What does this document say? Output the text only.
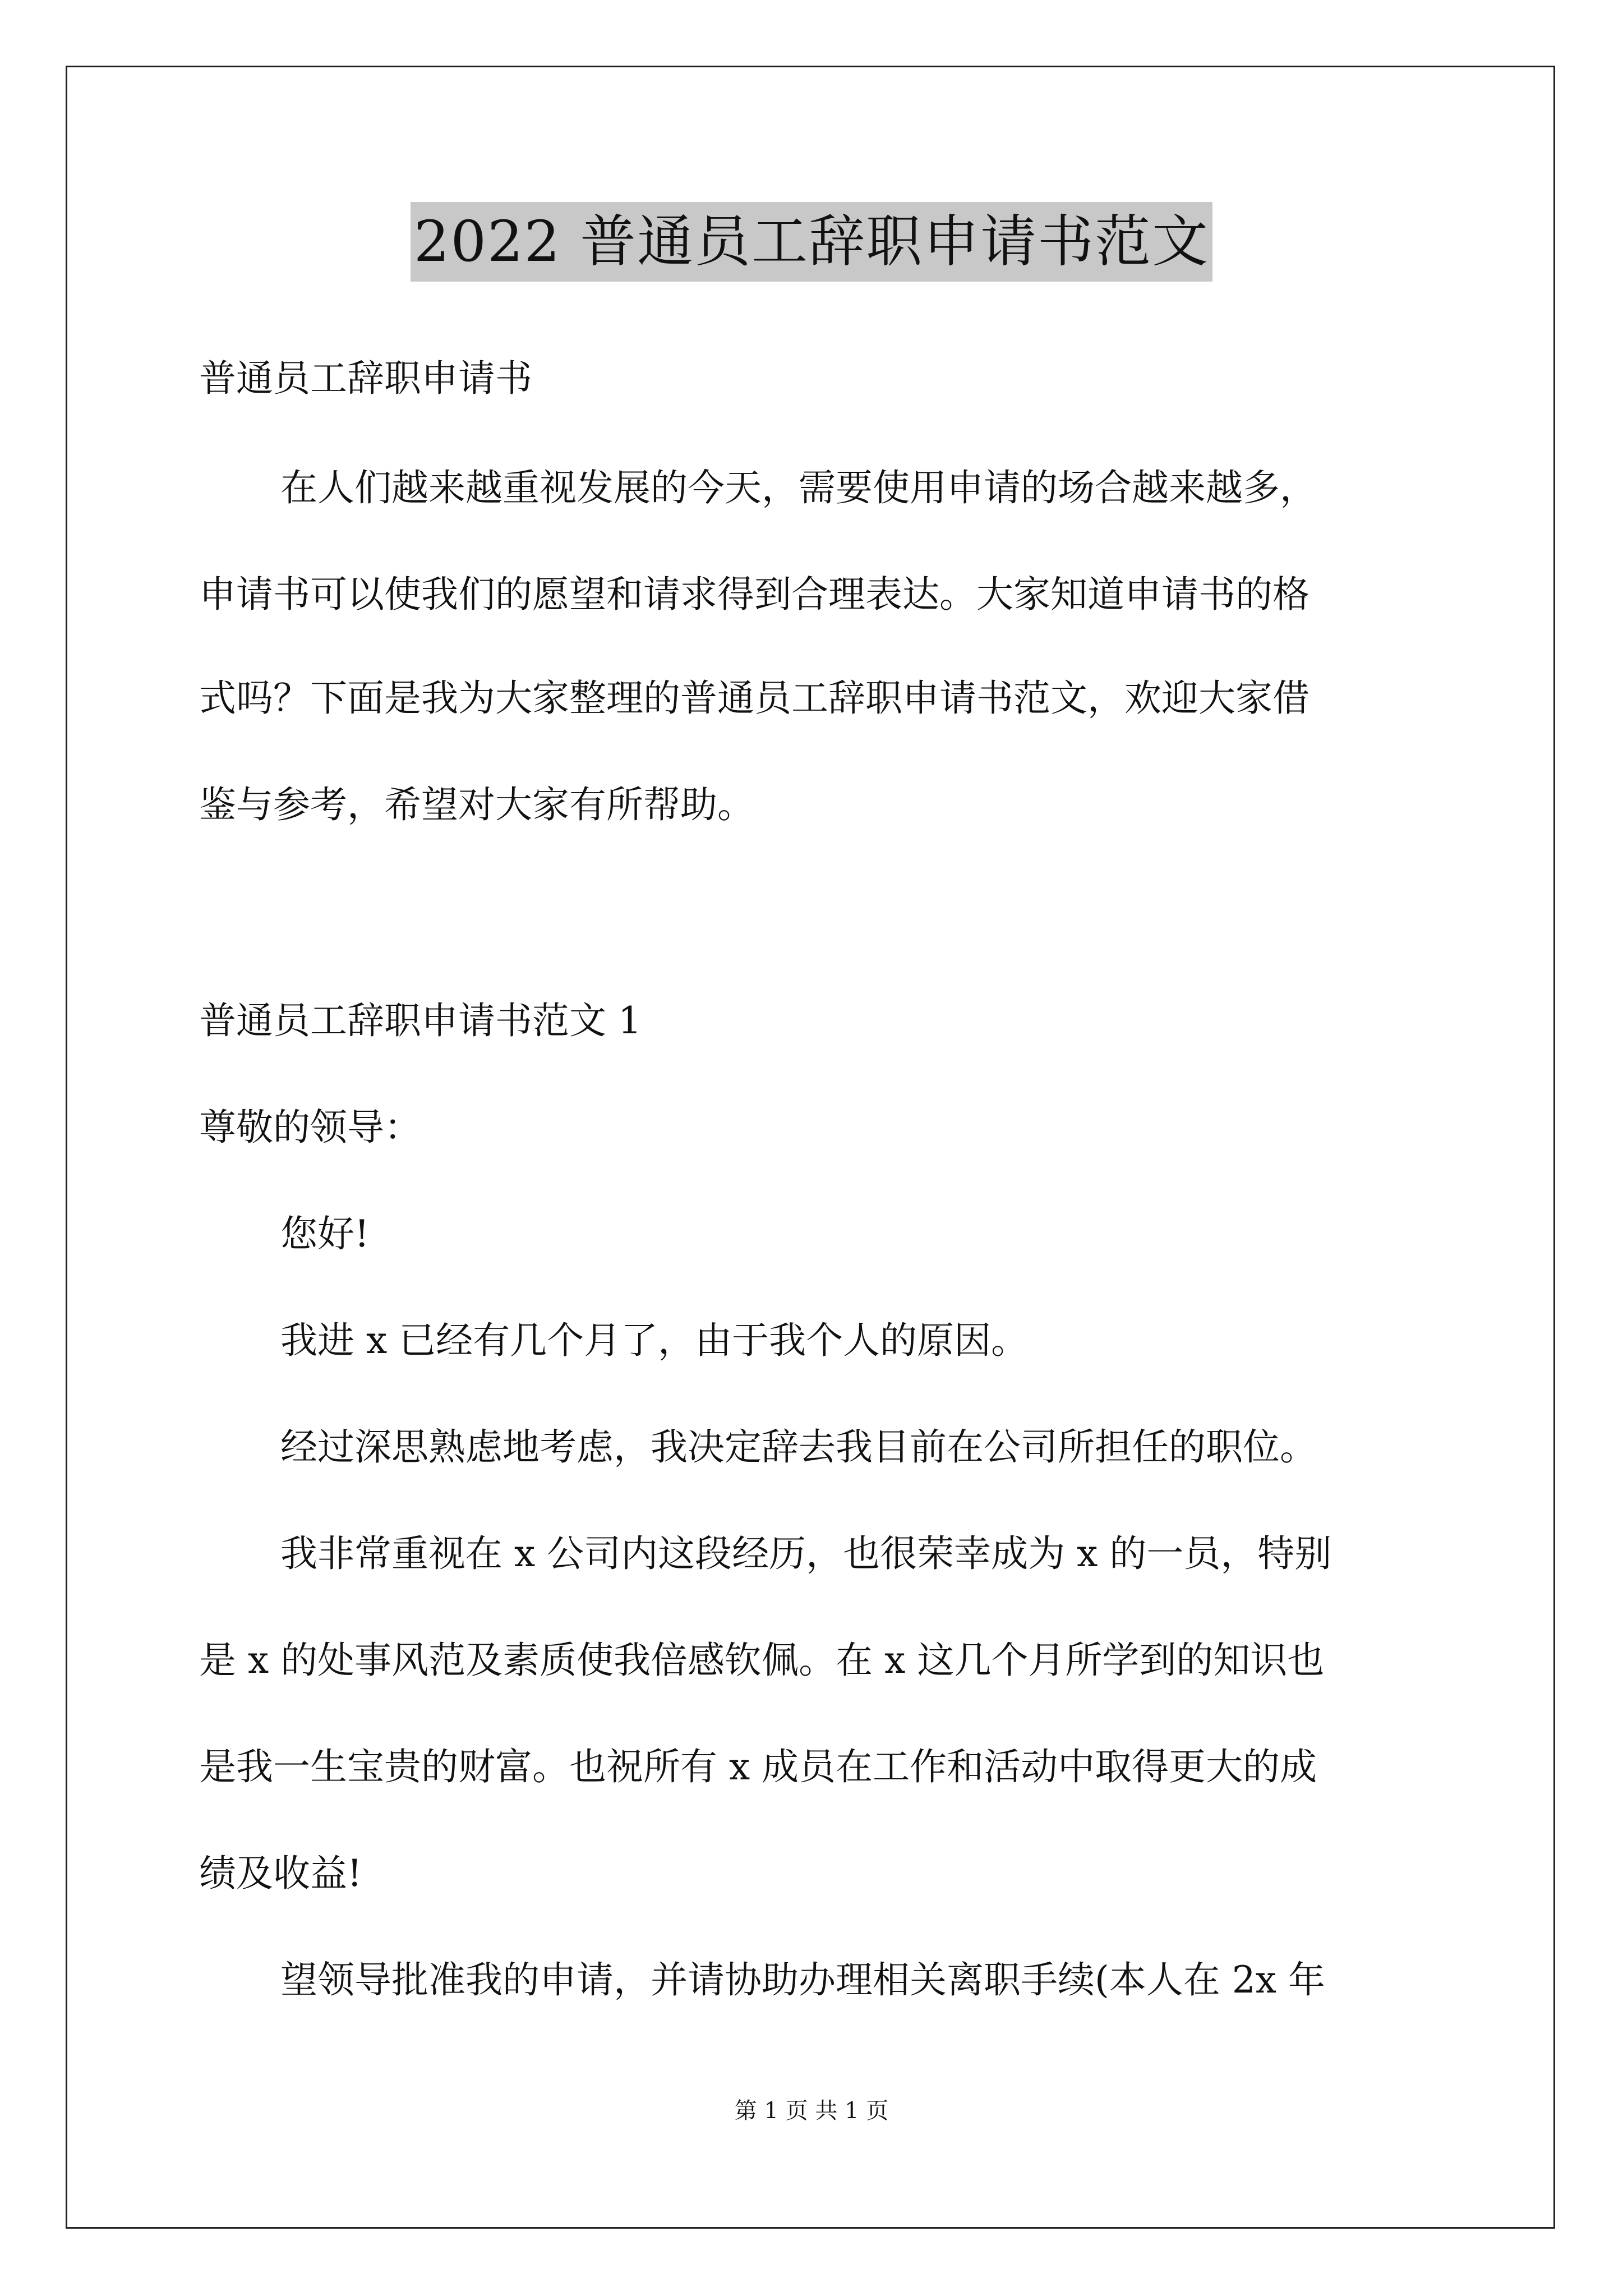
2022 普通员工辞职申请书范文
普通员工辞职申请书
在人们越来越重视发展的今天，需要使用申请的场合越来越多，
申请书可以使我们的愿望和请求得到合理表达。大家知道申请书的格
式吗？下面是我为大家整理的普通员工辞职申请书范文，欢迎大家借
鉴与参考，希望对大家有所帮助。
普通员工辞职申请书范文 1
尊敬的领导：
您好!
我进 x 已经有几个月了，由于我个人的原因。
经过深思熟虑地考虑，我决定辞去我目前在公司所担任的职位。
我非常重视在 x 公司内这段经历，也很荣幸成为 x 的一员，特别
是 x 的处事风范及素质使我倍感钦佩。在 x 这几个月所学到的知识也
是我一生宝贵的财富。也祝所有 x 成员在工作和活动中取得更大的成
绩及收益!
望领导批准我的申请，并请协助办理相关离职手续(本人在 2x 年
第 1 页 共 1 页
